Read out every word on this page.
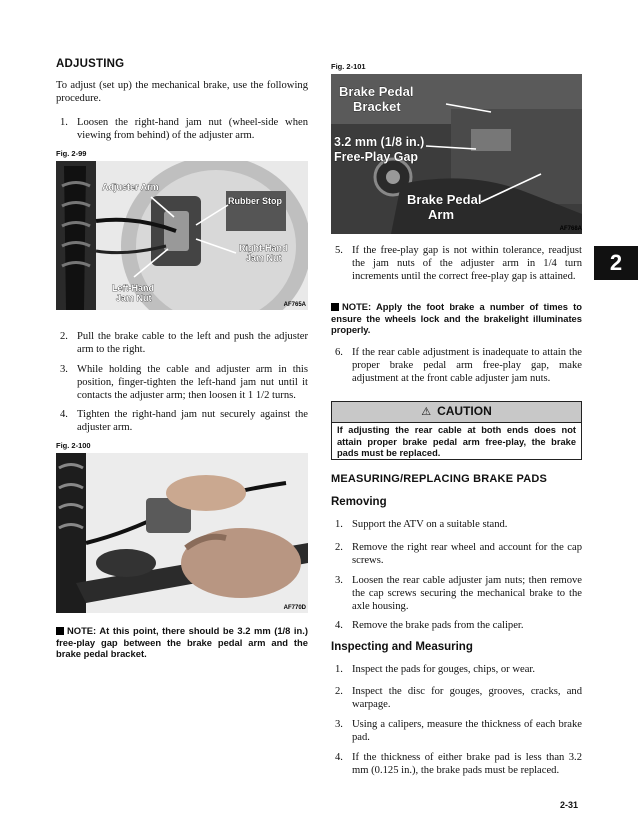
ADJUSTING
To adjust (set up) the mechanical brake, use the following procedure.
1. Loosen the right-hand jam nut (wheel-side when viewing from behind) of the adjuster arm.
Fig. 2-99
Adjuster Arm
Rubber Stop
Right-Hand
Jam Nut
Left-Hand
Jam Nut
AF765A
2. Pull the brake cable to the left and push the adjuster arm to the right.
3. While holding the cable and adjuster arm in this position, finger-tighten the left-hand jam nut until it contacts the adjuster arm; then loosen it 1 1/2 turns.
4. Tighten the right-hand jam nut securely against the adjuster arm.
Fig. 2-100
AF770D
NOTE: At this point, there should be 3.2 mm (1/8 in.) free-play gap between the brake pedal arm and the brake pedal bracket.
Fig. 2-101
Brake Pedal
Bracket
3.2 mm (1/8 in.)
Free-Play Gap
Brake Pedal
Arm
AF768A
5. If the free-play gap is not within tolerance, readjust the jam nuts of the adjuster arm in 1/4 turn increments until the correct free-play gap is attained.
NOTE: Apply the foot brake a number of times to ensure the wheels lock and the brakelight illuminates properly.
6. If the rear cable adjustment is inadequate to attain the proper brake pedal arm free-play gap, make adjustment at the front cable adjuster jam nuts.
⚠ CAUTION
If adjusting the rear cable at both ends does not attain proper brake pedal arm free-play, the brake pads must be replaced.
MEASURING/REPLACING BRAKE PADS
Removing
1. Support the ATV on a suitable stand.
2. Remove the right rear wheel and account for the cap screws.
3. Loosen the rear cable adjuster jam nuts; then remove the cap screws securing the mechanical brake to the axle housing.
4. Remove the brake pads from the caliper.
Inspecting and Measuring
1. Inspect the pads for gouges, chips, or wear.
2. Inspect the disc for gouges, grooves, cracks, and warpage.
3. Using a calipers, measure the thickness of each brake pad.
4. If the thickness of either brake pad is less than 3.2 mm (0.125 in.), the brake pads must be replaced.
2
2-31
